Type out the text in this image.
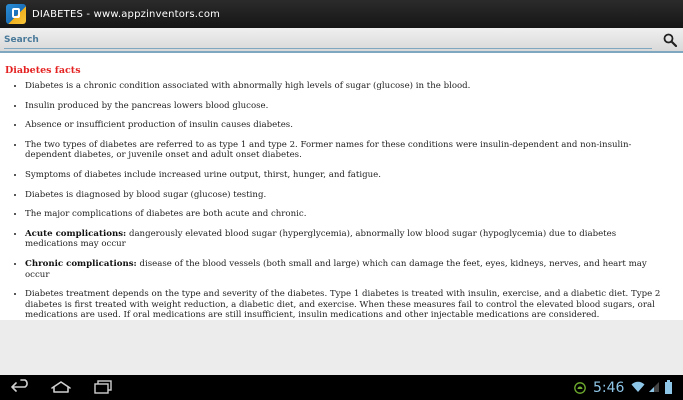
DIABETES - www.appzinventors.com
Search
Diabetes facts
• Diabetes is a chronic condition associated with abnormally high levels of sugar (glucose) in the blood.
• Insulin produced by the pancreas lowers blood glucose.
• Absence or insufficient production of insulin causes diabetes.
• The two types of diabetes are referred to as type 1 and type 2. Former names for these conditions were insulin-dependent and non-insulin-dependent diabetes, or juvenile onset and adult onset diabetes.
• Symptoms of diabetes include increased urine output, thirst, hunger, and fatigue.
• Diabetes is diagnosed by blood sugar (glucose) testing.
• The major complications of diabetes are both acute and chronic.
• Acute complications: dangerously elevated blood sugar (hyperglycemia), abnormally low blood sugar (hypoglycemia) due to diabetes medications may occur
• Chronic complications: disease of the blood vessels (both small and large) which can damage the feet, eyes, kidneys, nerves, and heart may occur
• Diabetes treatment depends on the type and severity of the diabetes. Type 1 diabetes is treated with insulin, exercise, and a diabetic diet. Type 2 diabetes is first treated with weight reduction, a diabetic diet, and exercise. When these measures fail to control the elevated blood sugars, oral medications are used. If oral medications are still insufficient, insulin medications and other injectable medications are considered.
5:46
